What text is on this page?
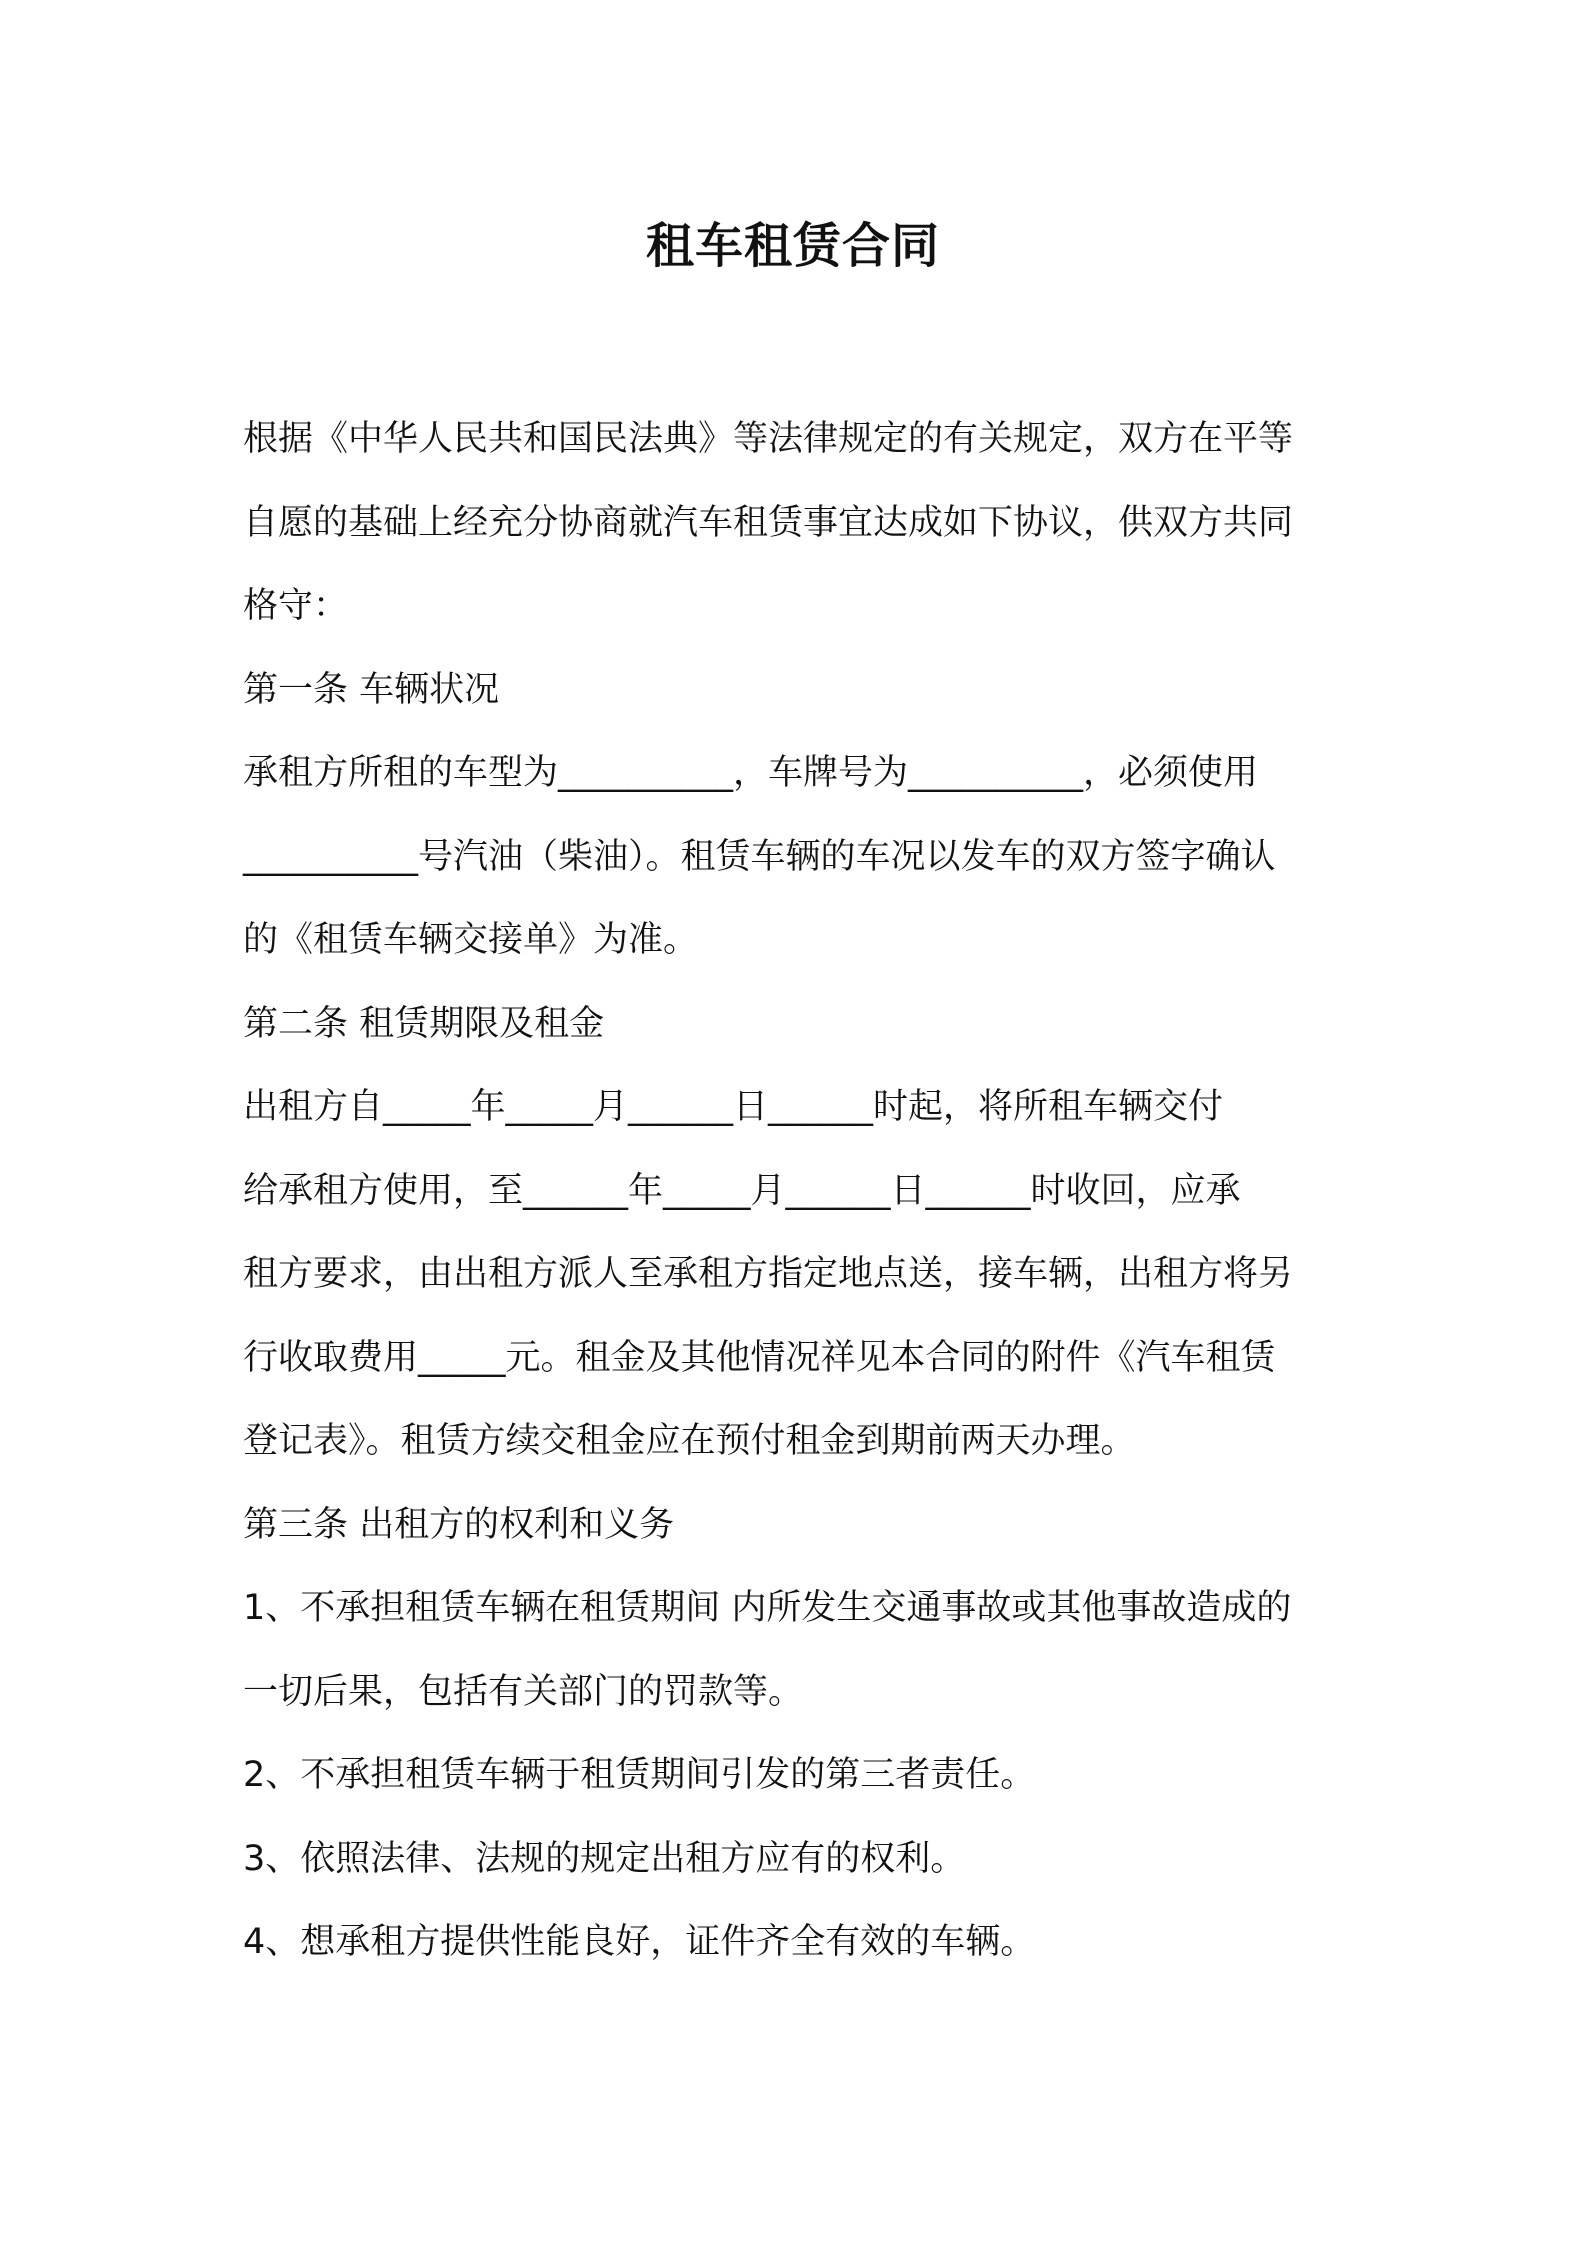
租车租赁合同

根据《中华人民共和国民法典》等法律规定的有关规定，双方在平等

自愿的基础上经充分协商就汽车租赁事宜达成如下协议，供双方共同

格守：

第一条 车辆状况

承租方所租的车型为__________，车牌号为__________，必须使用

__________号汽油（柴油）。租赁车辆的车况以发车的双方签字确认

的《租赁车辆交接单》为准。

第二条 租赁期限及租金

出租方自_____年_____月______日______时起，将所租车辆交付

给承租方使用，至______年_____月______日______时收回，应承

租方要求，由出租方派人至承租方指定地点送，接车辆，出租方将另

行收取费用_____元。租金及其他情况祥见本合同的附件《汽车租赁

登记表》。租赁方续交租金应在预付租金到期前两天办理。

第三条 出租方的权利和义务

1、不承担租赁车辆在租赁期间 内所发生交通事故或其他事故造成的

一切后果，包括有关部门的罚款等。

2、不承担租赁车辆于租赁期间引发的第三者责任。

3、依照法律、法规的规定出租方应有的权利。

4、想承租方提供性能良好，证件齐全有效的车辆。
